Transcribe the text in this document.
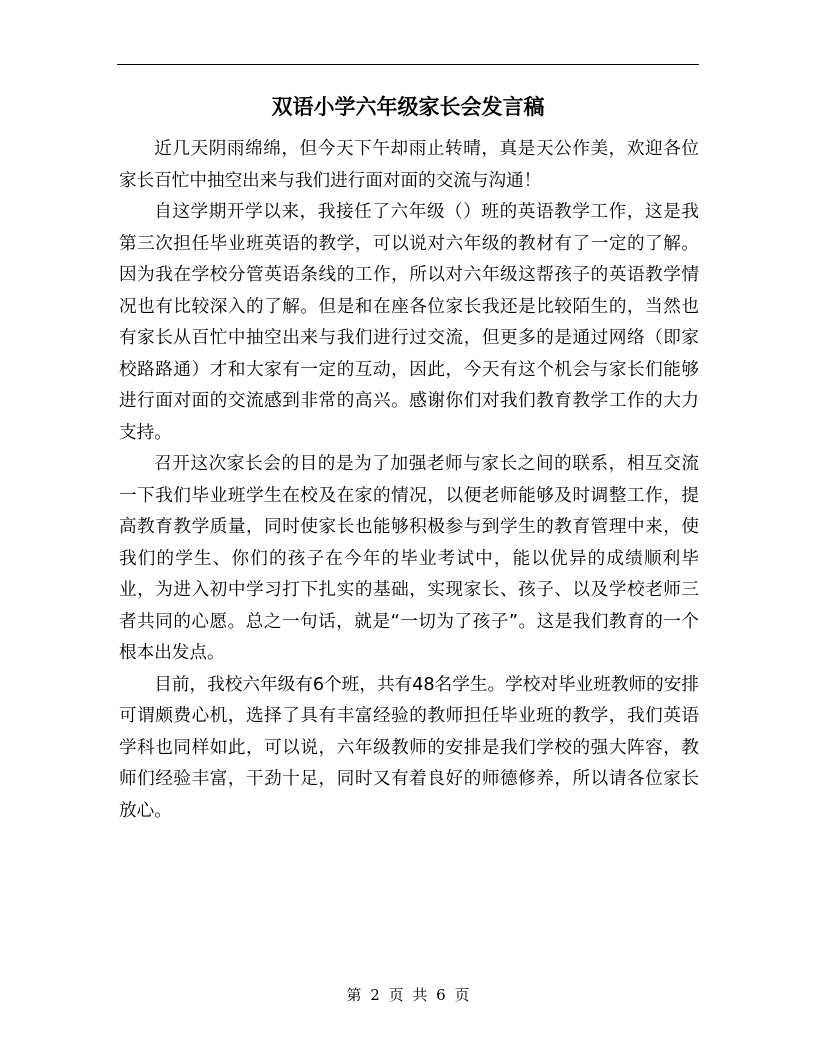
双语小学六年级家长会发言稿

近几天阴雨绵绵，但今天下午却雨止转晴，真是天公作美，欢迎各位家长百忙中抽空出来与我们进行面对面的交流与沟通！

自这学期开学以来，我接任了六年级（）班的英语教学工作，这是我第三次担任毕业班英语的教学，可以说对六年级的教材有了一定的了解。因为我在学校分管英语条线的工作，所以对六年级这帮孩子的英语教学情况也有比较深入的了解。但是和在座各位家长我还是比较陌生的，当然也有家长从百忙中抽空出来与我们进行过交流，但更多的是通过网络（即家校路路通）才和大家有一定的互动，因此，今天有这个机会与家长们能够进行面对面的交流感到非常的高兴。感谢你们对我们教育教学工作的大力支持。

召开这次家长会的目的是为了加强老师与家长之间的联系，相互交流一下我们毕业班学生在校及在家的情况，以便老师能够及时调整工作，提高教育教学质量，同时使家长也能够积极参与到学生的教育管理中来，使我们的学生、你们的孩子在今年的毕业考试中，能以优异的成绩顺利毕业，为进入初中学习打下扎实的基础，实现家长、孩子、以及学校老师三者共同的心愿。总之一句话，就是“一切为了孩子”。这是我们教育的一个根本出发点。

目前，我校六年级有6个班，共有48名学生。学校对毕业班教师的安排可谓颇费心机，选择了具有丰富经验的教师担任毕业班的教学，我们英语学科也同样如此，可以说，六年级教师的安排是我们学校的强大阵容，教师们经验丰富，干劲十足，同时又有着良好的师德修养，所以请各位家长放心。

第 2 页 共 6 页
